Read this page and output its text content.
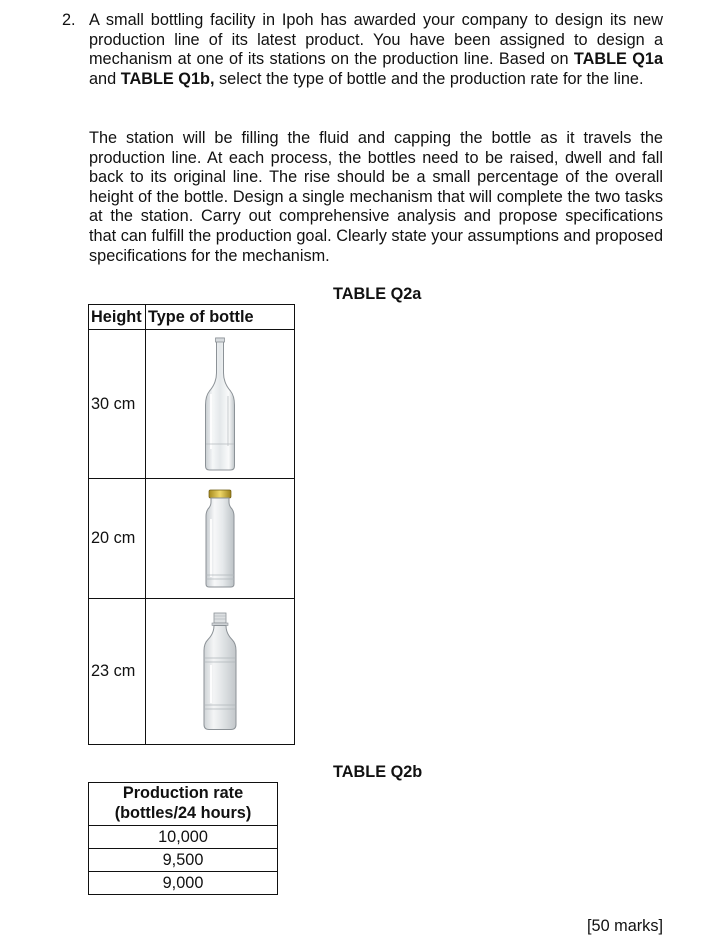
2. A small bottling facility in Ipoh has awarded your company to design its new production line of its latest product. You have been assigned to design a mechanism at one of its stations on the production line. Based on TABLE Q1a and TABLE Q1b, select the type of bottle and the production rate for the line.

The station will be filling the fluid and capping the bottle as it travels the production line. At each process, the bottles need to be raised, dwell and fall back to its original line. The rise should be a small percentage of the overall height of the bottle. Design a single mechanism that will complete the two tasks at the station. Carry out comprehensive analysis and propose specifications that can fulfill the production goal. Clearly state your assumptions and proposed specifications for the mechanism.

TABLE Q2a
Height	Type of bottle
30 cm	

20 cm	

23 cm	
TABLE Q2b
Production rate
(bottles/24 hours)
10,000
9,500
9,000
[50 marks]
